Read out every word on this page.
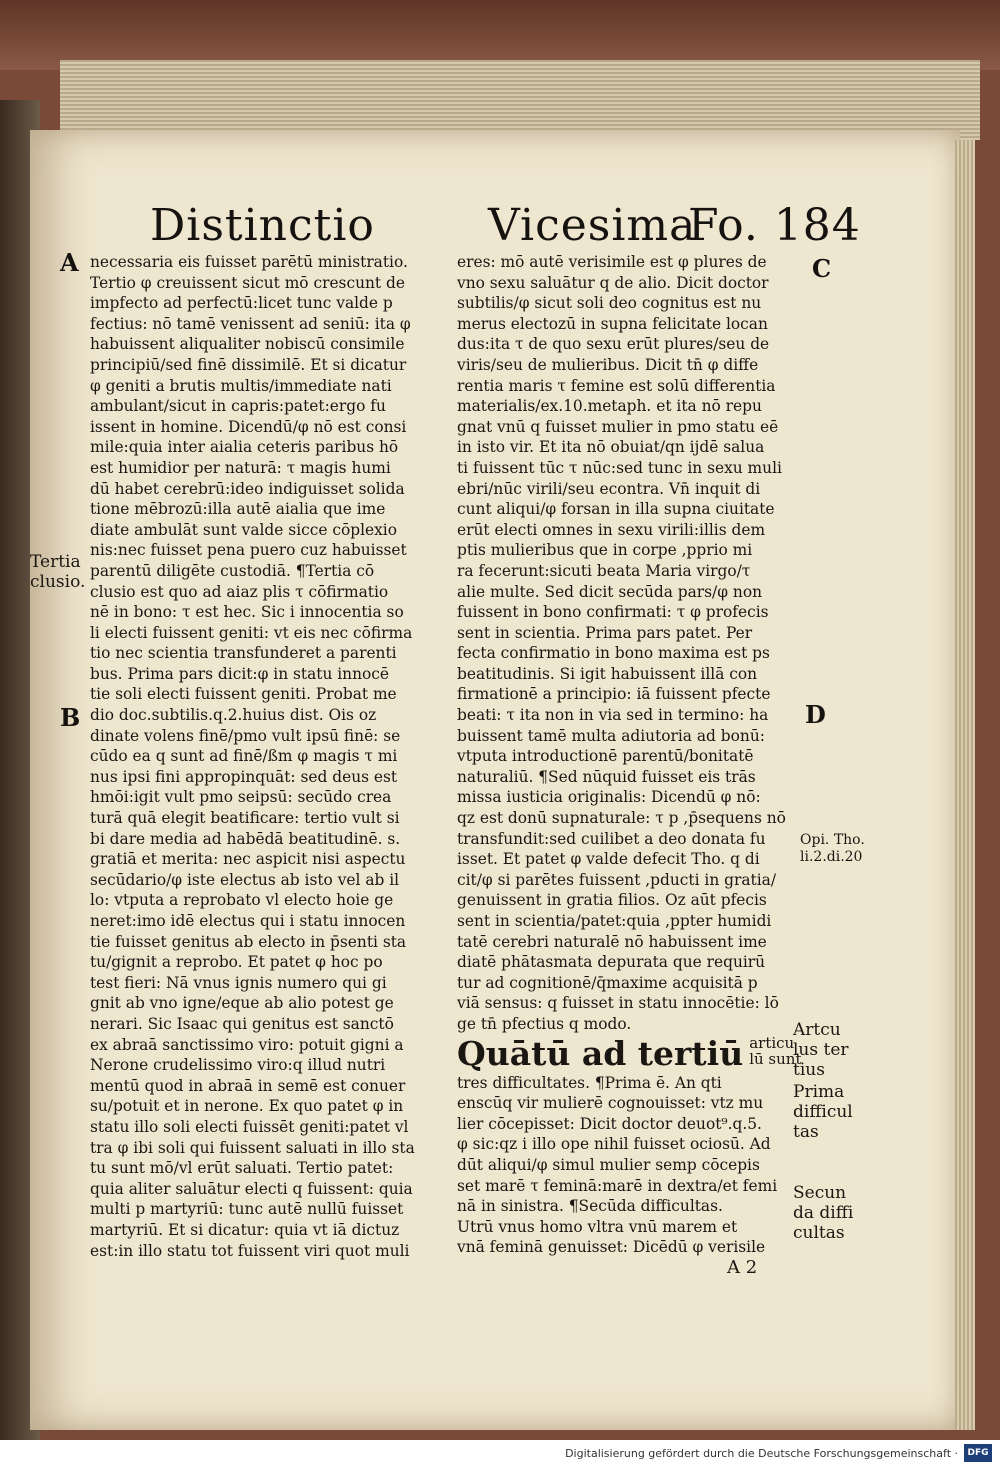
Distinctio	Vicesima
Fo. 184
A
B
C
D
necessaria eis fuisset parētū ministratio.
Tertio φ creuissent sicut mō crescunt de
impfecto ad perfectū:licet tunc valde p
fectius: nō tamē venissent ad seniū: ita φ
habuissent aliqualiter nobiscū consimile
principiū/sed finē dissimilē. Et si dicatur
φ geniti a brutis multis/immediate nati
ambulant/sicut in capris:patet:ergo fu
issent in homine. Dicendū/φ nō est consi
mile:quia inter aialia ceteris paribus hō
est humidior per naturā: τ magis humi
dū habet cerebrū:ideo indiguisset solida
tione mēbrozū:illa autē aialia que ime
diate ambulāt sunt valde sicce cōplexio
nis:nec fuisset pena puero cuz habuisset
parentū diligēte custodiā. ¶Tertia cō
clusio est quo ad aiaz plis τ cōfirmatio
nē in bono: τ est hec. Sic i innocentia so
li electi fuissent geniti: vt eis nec cōfirma
tio nec scientia transfunderet a parenti
bus. Prima pars dicit:φ in statu innocē
tie soli electi fuissent geniti. Probat me
dio doc.subtilis.q.2.huius dist. Ois oz
dinate volens finē/pmo vult ipsū finē: se
cūdo ea q sunt ad finē/ßm φ magis τ mi
nus ipsi fini appropinquāt: sed deus est
hmōi:igit vult pmo seipsū: secūdo crea
turā quā elegit beatificare: tertio vult si
bi dare media ad habēdā beatitudinē. s.
gratiā et merita: nec aspicit nisi aspectu
secūdario/φ iste electus ab isto vel ab il
lo: vtputa a reprobato vl electo hoie ge
neret:imo idē electus qui i statu innocen
tie fuisset genitus ab electo in p̄senti sta
tu/gignit a reprobo. Et patet φ hoc po
test fieri: Nā vnus ignis numero qui gi
gnit ab vno igne/eque ab alio potest ge
nerari. Sic Isaac qui genitus est sanctō
ex abraā sanctissimo viro: potuit gigni a
Nerone crudelissimo viro:q illud nutri
mentū quod in abraā in semē est conuer
su/potuit et in nerone. Ex quo patet φ in
statu illo soli electi fuissēt geniti:patet vl
tra φ ibi soli qui fuissent saluati in illo sta
tu sunt mō/vl erūt saluati. Tertio patet:
quia aliter saluātur electi q fuissent: quia
multi p martyriū: tunc autē nullū fuisset
martyriū. Et si dicatur: quia vt iā dictuz
est:in illo statu tot fuissent viri quot muli
eres: mō autē verisimile est φ plures de
vno sexu saluātur q de alio. Dicit doctor
subtilis/φ sicut soli deo cognitus est nu
merus electozū in supna felicitate locan
dus:ita τ de quo sexu erūt plures/seu de
viris/seu de mulieribus. Dicit tn̄ φ diffe
rentia maris τ femine est solū differentia
materialis/ex.10.metaph. et ita nō repu
gnat vnū q fuisset mulier in pmo statu eē
in isto vir. Et ita nō obuiat/qn ijdē salua
ti fuissent tūc τ nūc:sed tunc in sexu muli
ebri/nūc virili/seu econtra. Vn̄ inquit di
cunt aliqui/φ forsan in illa supna ciuitate
erūt electi omnes in sexu virili:illis dem
ptis mulieribus que in corpe ,pprio mi
ra fecerunt:sicuti beata Maria virgo/τ
alie multe. Sed dicit secūda pars/φ non
fuissent in bono confirmati: τ φ profecis
sent in scientia. Prima pars patet. Per
fecta confirmatio in bono maxima est ps
beatitudinis. Si igit habuissent illā con
firmationē a principio: iā fuissent pfecte
beati: τ ita non in via sed in termino: ha
buissent tamē multa adiutoria ad bonū:
vtputa introductionē parentū/bonitatē
naturaliū. ¶Sed nūquid fuisset eis trās
missa iusticia originalis: Dicendū φ nō:
qz est donū supnaturale: τ p ,p̄sequens nō
transfundit:sed cuilibet a deo donata fu
isset. Et patet φ valde defecit Tho. q di
cit/φ si parētes fuissent ,pducti in gratia/
genuissent in gratia filios. Oz aūt pfecis
sent in scientia/patet:quia ,ppter humidi
tatē cerebri naturalē nō habuissent ime
diatē phātasmata depurata que requirū
tur ad cognitionē/q̄maxime acquisitā p
viā sensus: q fuisset in statu innocētie: lō
ge tn̄ pfectius q modo.
Quātū ad tertiū articu
lū sunt
tres difficultates. ¶Prima ē. An qti
enscūq vir mulierē cognouisset: vtz mu
lier cōcepisset: Dicit doctor deuot⁹.q.5.
φ sic:qz i illo ope nihil fuisset ociosū. Ad
dūt aliqui/φ simul mulier semp cōcepis
set marē τ feminā:marē in dextra/et femi
nā in sinistra. ¶Secūda difficultas.
Utrū vnus homo vltra vnū marem et
vnā feminā genuisset: Dicēdū φ verisile
A 2
Tertia
clusio.
Opi. Tho.
li.2.di.20
Artcu
lus ter
tius
Prima
difficul
tas
Secun
da diffi
cultas
Digitalisierung gefördert durch die Deutsche Forschungsgemeinschaft ·	DFG
